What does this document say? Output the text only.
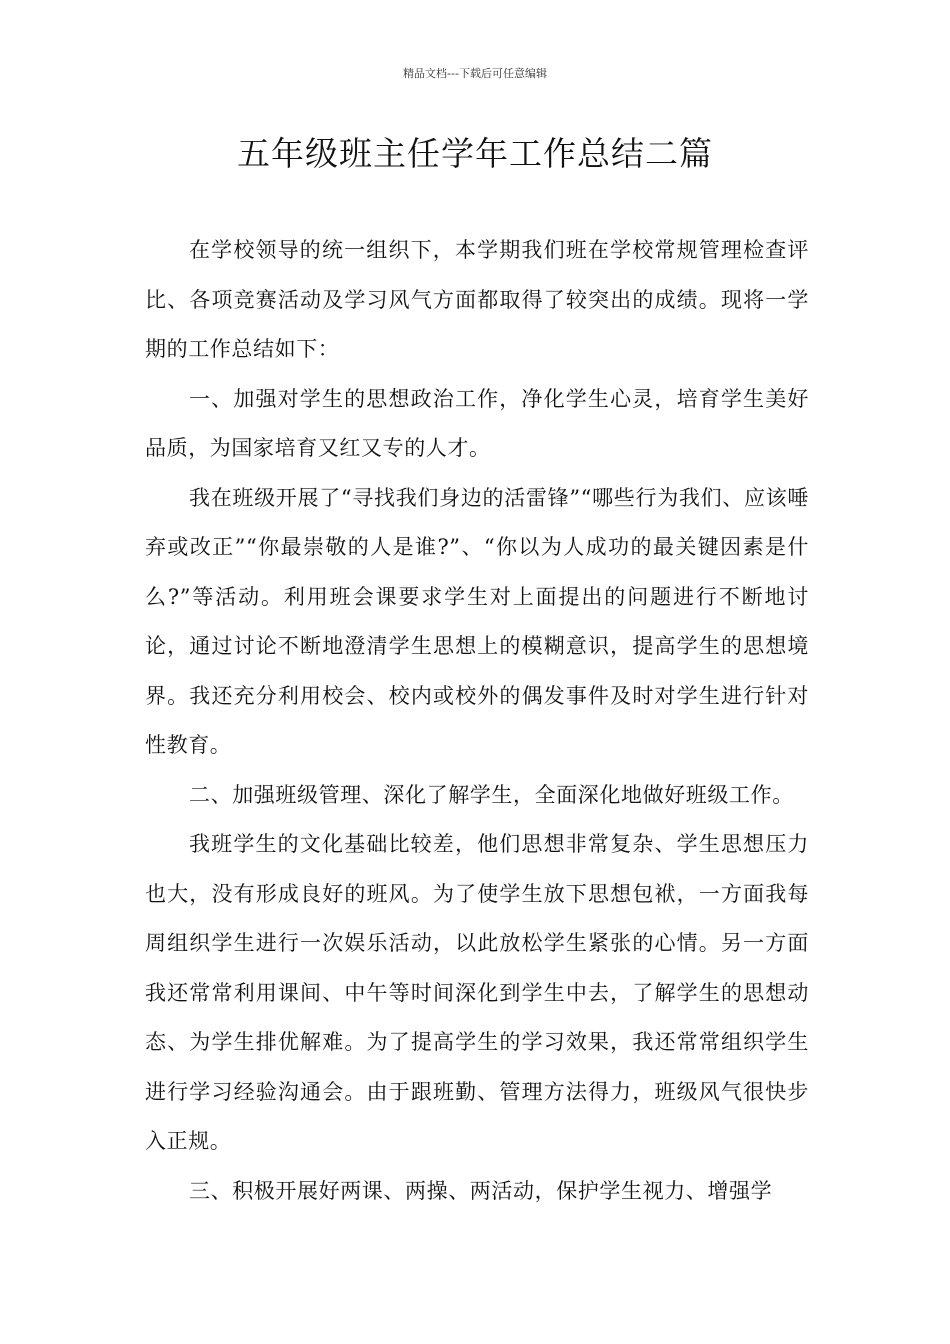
精品文档---下载后可任意编辑
五年级班主任学年工作总结二篇

在学校领导的统一组织下，本学期我们班在学校常规管理检查评比、各项竞赛活动及学习风气方面都取得了较突出的成绩。现将一学期的工作总结如下：

一、加强对学生的思想政治工作，净化学生心灵，培育学生美好品质，为国家培育又红又专的人才。

我在班级开展了“寻找我们身边的活雷锋”“哪些行为我们、应该唾弃或改正”“你最崇敬的人是谁?”、“你以为人成功的最关键因素是什么?”等活动。利用班会课要求学生对上面提出的问题进行不断地讨论，通过讨论不断地澄清学生思想上的模糊意识，提高学生的思想境界。我还充分利用校会、校内或校外的偶发事件及时对学生进行针对性教育。

二、加强班级管理、深化了解学生，全面深化地做好班级工作。

我班学生的文化基础比较差，他们思想非常复杂、学生思想压力也大，没有形成良好的班风。为了使学生放下思想包袱，一方面我每周组织学生进行一次娱乐活动，以此放松学生紧张的心情。另一方面我还常常利用课间、中午等时间深化到学生中去，了解学生的思想动态、为学生排优解难。为了提高学生的学习效果，我还常常组织学生进行学习经验沟通会。由于跟班勤、管理方法得力，班级风气很快步入正规。

三、积极开展好两课、两操、两活动，保护学生视力、增强学
